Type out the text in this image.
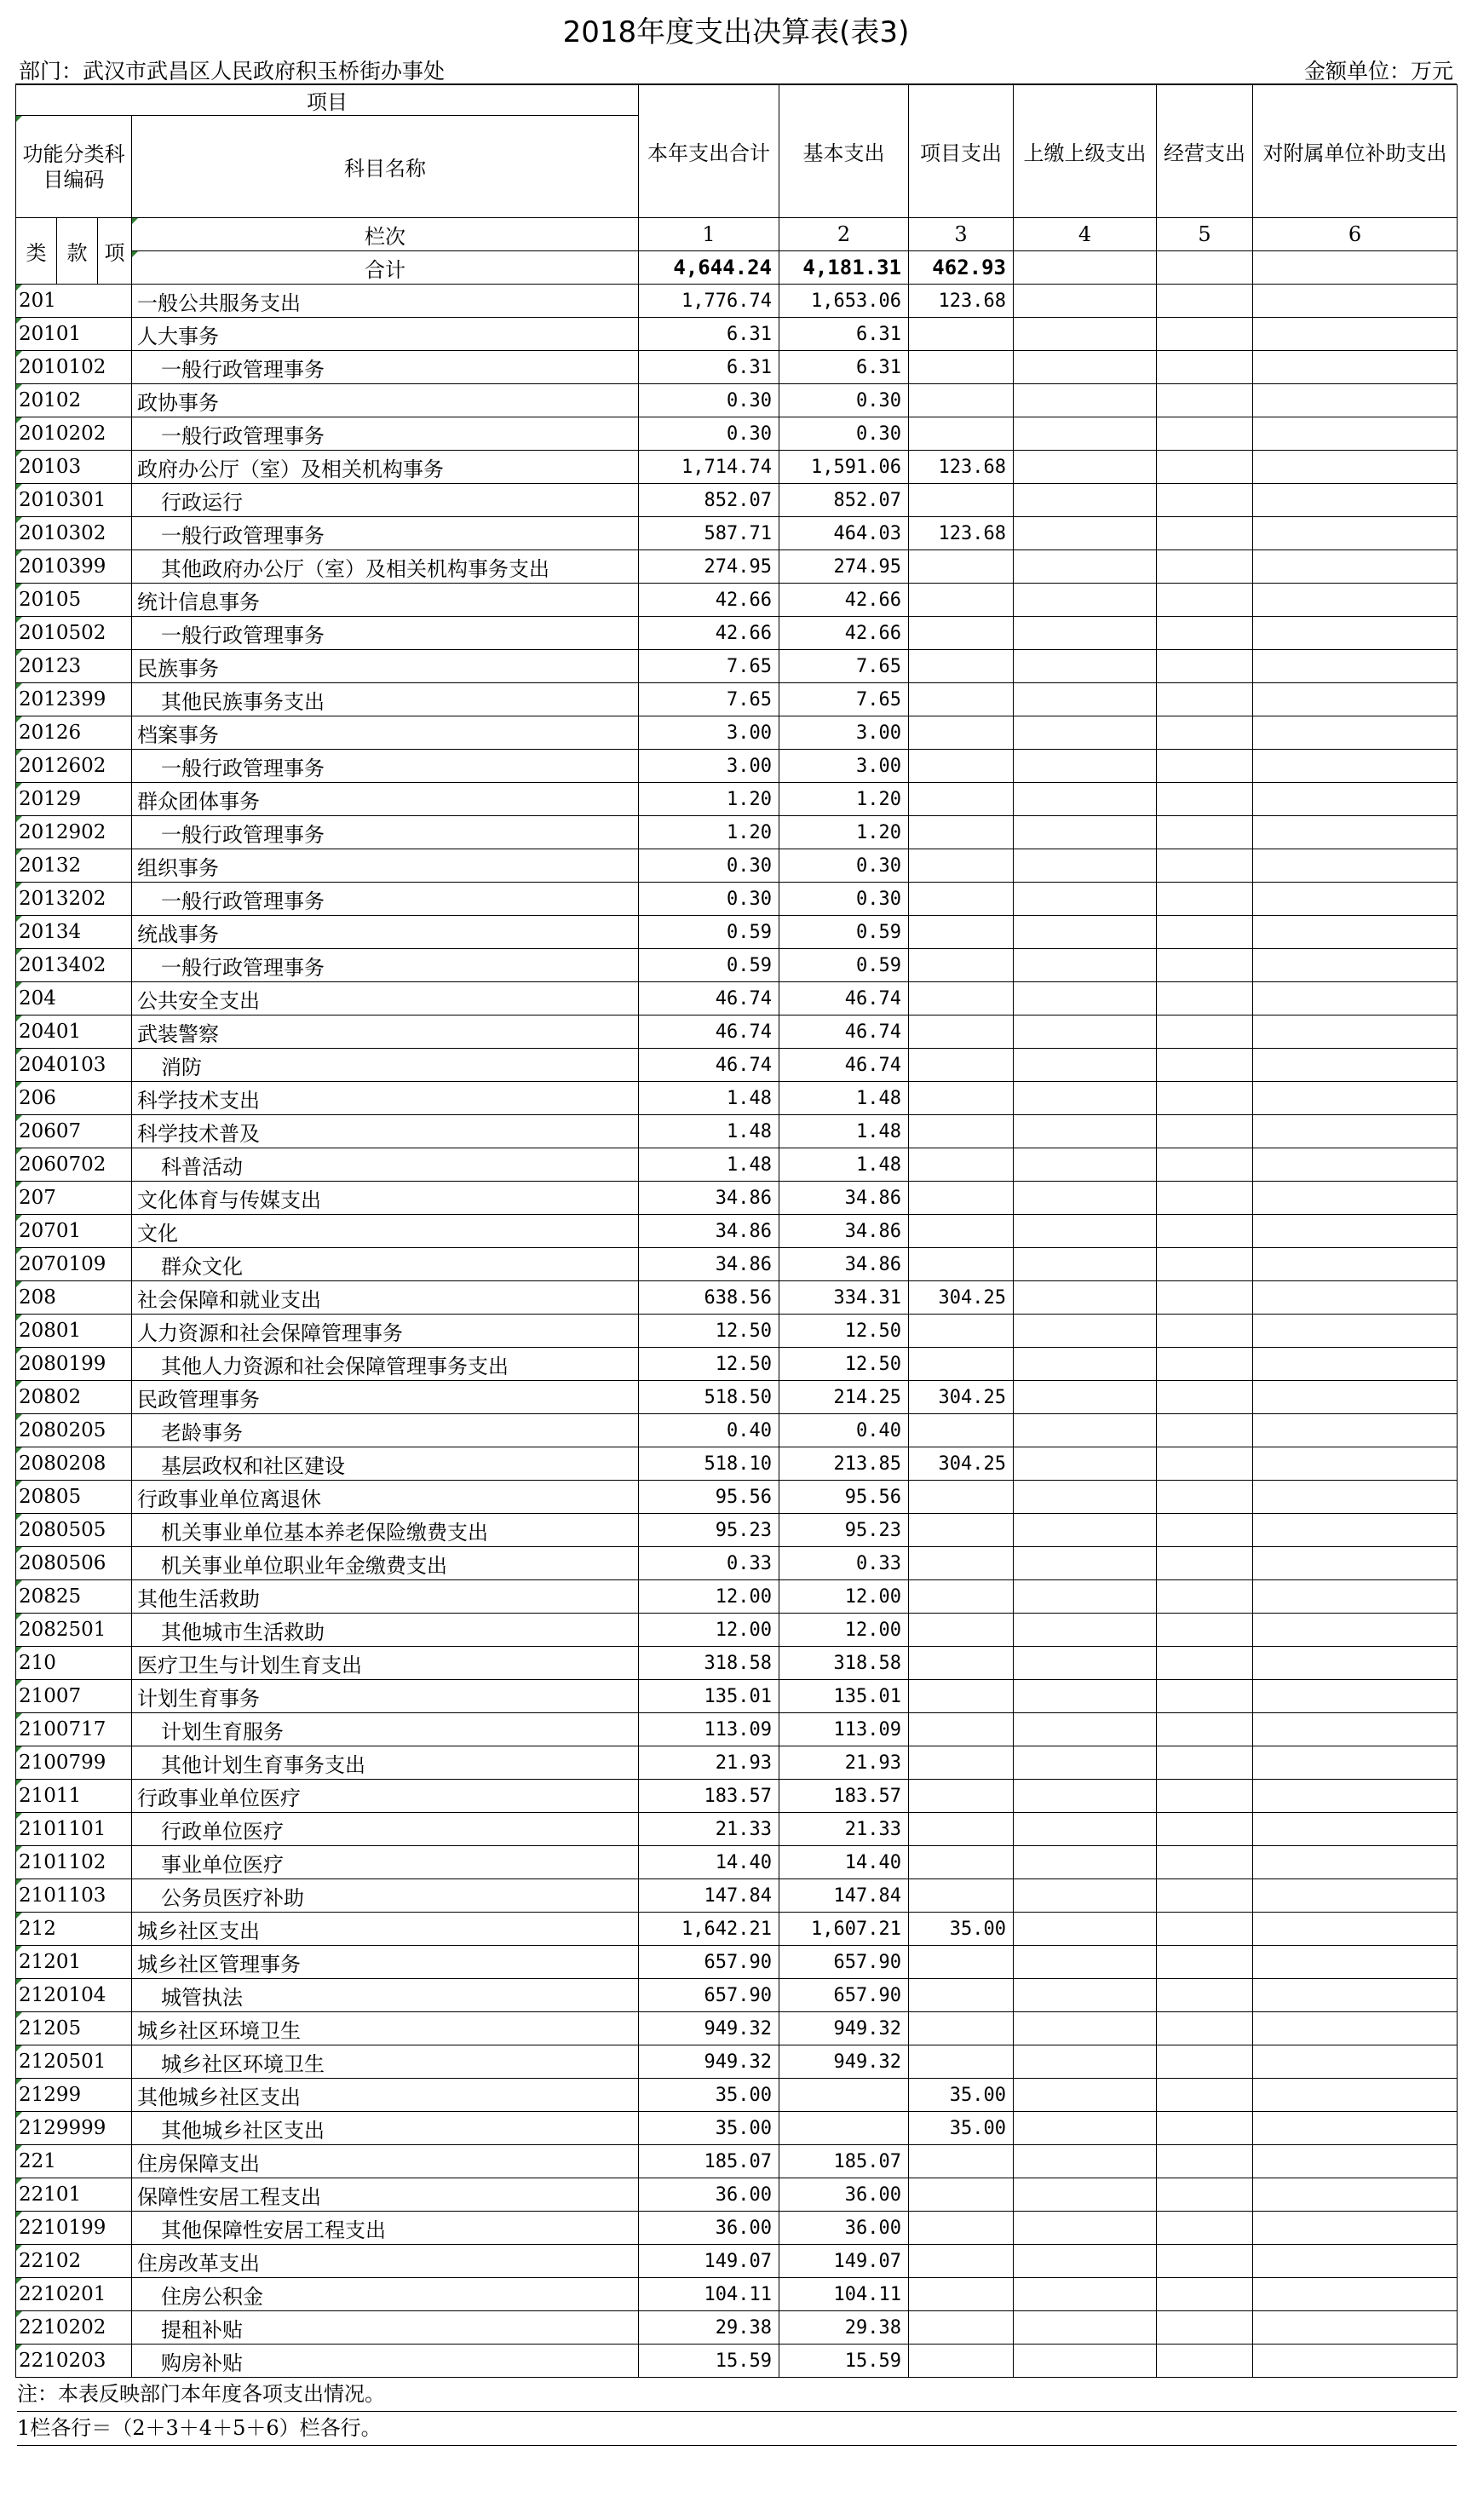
2018年度支出决算表(表3)
部门：武汉市武昌区人民政府积玉桥街办事处	金额单位：万元
项目				本年支出合计	基本支出	项目支出	上缴上级支出	经营支出	对附属单位补助支出
功能分类科目编码			科目名称						
类	款	项	栏次	1	2	3	4	5	6
			合计	4,644.24	4,181.31	462.93			
201			一般公共服务支出	1,776.74	1,653.06	123.68			
20101			人大事务	6.31	6.31				
2010102			一般行政管理事务	6.31	6.31				
20102			政协事务	0.30	0.30				
2010202			一般行政管理事务	0.30	0.30				
20103			政府办公厅（室）及相关机构事务	1,714.74	1,591.06	123.68			
2010301			行政运行	852.07	852.07				
2010302			一般行政管理事务	587.71	464.03	123.68			
2010399			其他政府办公厅（室）及相关机构事务支出	274.95	274.95				
20105			统计信息事务	42.66	42.66				
2010502			一般行政管理事务	42.66	42.66				
20123			民族事务	7.65	7.65				
2012399			其他民族事务支出	7.65	7.65				
20126			档案事务	3.00	3.00				
2012602			一般行政管理事务	3.00	3.00				
20129			群众团体事务	1.20	1.20				
2012902			一般行政管理事务	1.20	1.20				
20132			组织事务	0.30	0.30				
2013202			一般行政管理事务	0.30	0.30				
20134			统战事务	0.59	0.59				
2013402			一般行政管理事务	0.59	0.59				
204			公共安全支出	46.74	46.74				
20401			武装警察	46.74	46.74				
2040103			消防	46.74	46.74				
206			科学技术支出	1.48	1.48				
20607			科学技术普及	1.48	1.48				
2060702			科普活动	1.48	1.48				
207			文化体育与传媒支出	34.86	34.86				
20701			文化	34.86	34.86				
2070109			群众文化	34.86	34.86				
208			社会保障和就业支出	638.56	334.31	304.25			
20801			人力资源和社会保障管理事务	12.50	12.50				
2080199			其他人力资源和社会保障管理事务支出	12.50	12.50				
20802			民政管理事务	518.50	214.25	304.25			
2080205			老龄事务	0.40	0.40				
2080208			基层政权和社区建设	518.10	213.85	304.25			
20805			行政事业单位离退休	95.56	95.56				
2080505			机关事业单位基本养老保险缴费支出	95.23	95.23				
2080506			机关事业单位职业年金缴费支出	0.33	0.33				
20825			其他生活救助	12.00	12.00				
2082501			其他城市生活救助	12.00	12.00				
210			医疗卫生与计划生育支出	318.58	318.58				
21007			计划生育事务	135.01	135.01				
2100717			计划生育服务	113.09	113.09				
2100799			其他计划生育事务支出	21.93	21.93				
21011			行政事业单位医疗	183.57	183.57				
2101101			行政单位医疗	21.33	21.33				
2101102			事业单位医疗	14.40	14.40				
2101103			公务员医疗补助	147.84	147.84				
212			城乡社区支出	1,642.21	1,607.21	35.00			
21201			城乡社区管理事务	657.90	657.90				
2120104			城管执法	657.90	657.90				
21205			城乡社区环境卫生	949.32	949.32				
2120501			城乡社区环境卫生	949.32	949.32				
21299			其他城乡社区支出	35.00		35.00			
2129999			其他城乡社区支出	35.00		35.00			
221			住房保障支出	185.07	185.07				
22101			保障性安居工程支出	36.00	36.00				
2210199			其他保障性安居工程支出	36.00	36.00				
22102			住房改革支出	149.07	149.07				
2210201			住房公积金	104.11	104.11				
2210202			提租补贴	29.38	29.38				
2210203			购房补贴	15.59	15.59				
注：本表反映部门本年度各项支出情况。
1栏各行＝（2＋3＋4＋5＋6）栏各行。
